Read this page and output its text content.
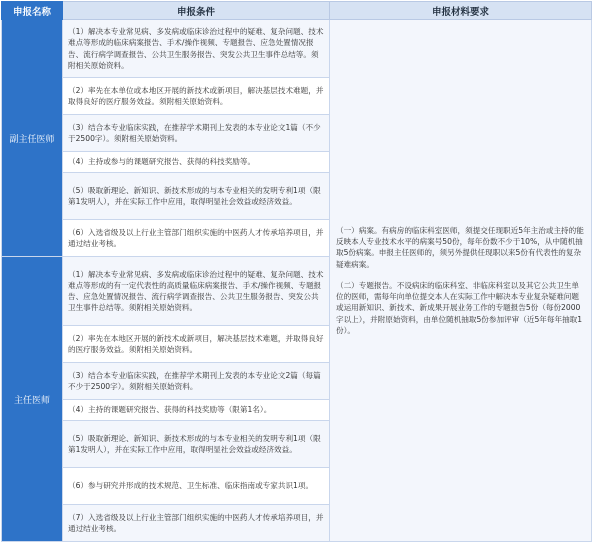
申报名称	申报条件	申报材料要求
副主任医师	（1）解决本专业常见病、多发病或临床诊治过程中的疑难、复杂问题、技术难点等形成的临床病案报告、手术/操作视频、专题报告、应急处置情况报告、流行病学调查报告、公共卫生服务报告、突发公共卫生事件总结等。须附相关原始资料。	（一）病案。有病房的临床科室医师，须提交任现职近5年主治或主持的能反映本人专业技术水平的病案号50份，每年份数不少于10%，从中随机抽取5份病案。申报主任医师的，须另外提供任现职以来5份有代表性的复杂疑难病案。

（二）专题报告。不设病床的临床科室、非临床科室以及其它公共卫生单位的医师，需每年向单位提交本人在实际工作中解决本专业复杂疑难问题或运用新知识、新技术、新成果开展业务工作的专题报告5份（每份2000字以上），并附原始资料，由单位随机抽取5份参加评审（近5年每年抽取1份）。

	（2）率先在本单位或本地区开展的新技术或新项目，解决基层技术难题，并取得良好的医疗服务效益。须附相关原始资料。	
	（3）结合本专业临床实践，在推荐学术期刊上发表的本专业论文1篇（不少于2500字）。须附相关原始资料。	
	（4）主持或参与的课题研究报告、获得的科技奖励等。	
	（5）吸取新理论、新知识、新技术形成的与本专业相关的发明专利1项（限第1发明人），并在实际工作中应用，取得明显社会效益或经济效益。	
	（6）入选省级及以上行业主管部门组织实施的中医药人才传承培养项目，并通过结业考核。	
主任医师	（1）解决本专业常见病、多发病或临床诊治过程中的疑难、复杂问题、技术难点等形成的有一定代表性的高质量临床病案报告、手术/操作视频、专题报告、应急处置情况报告、流行病学调查报告、公共卫生服务报告、突发公共卫生事件总结等。须附相关原始资料。	
	（2）率先在本地区开展的新技术或新项目，解决基层技术难题，并取得良好的医疗服务效益。须附相关原始资料。	
	（3）结合本专业临床实践，在推荐学术期刊上发表的本专业论文2篇（每篇不少于2500字）。须附相关原始资料。	
	（4）主持的课题研究报告、获得的科技奖励等（限第1名）。	
	（5）吸取新理论、新知识、新技术形成的与本专业相关的发明专利1项（限第1发明人），并在实际工作中应用，取得明显社会效益或经济效益。	
	（6）参与研究并形成的技术规范、卫生标准、临床指南或专家共识1项。	
	（7）入选省级及以上行业主管部门组织实施的中医药人才传承培养项目，并通过结业考核。	
